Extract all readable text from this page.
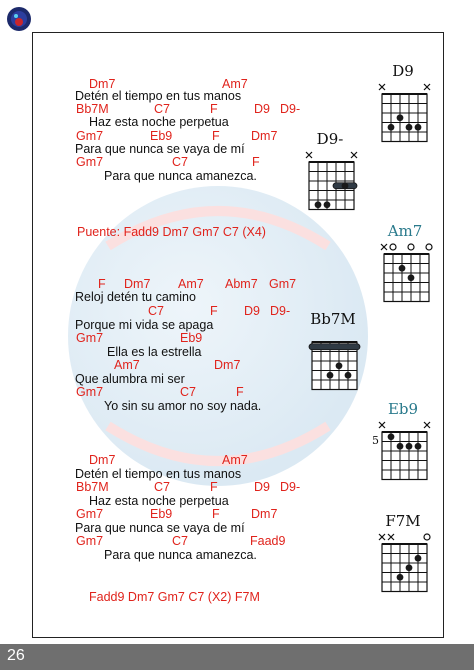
Dm7	Am7
Detén el tiempo en tus manos
Bb7M	C7	F	D9 D9-
Haz esta noche perpetua
Gm7	Eb9	F	Dm7
Para que nunca se vaya de mí
Gm7	C7	F
Para que nunca amanezca.
Puente: Fadd9 Dm7 Gm7 C7 (X4)
F Dm7 Am7 Abm7 Gm7
Reloj detén tu camino
C7	F D9 D9-
Porque mi vida se apaga
Gm7	Eb9
Ella es la estrella
Am7	Dm7
Que alumbra mi ser
Gm7	C7	F
Yo sin su amor no soy nada.
Dm7	Am7
Detén el tiempo en tus manos
Bb7M	C7	F	D9 D9-
Haz esta noche perpetua
Gm7	Eb9	F	Dm7
Para que nunca se vaya de mí
Gm7	C7	Faad9
Para que nunca amanezca.
Fadd9 Dm7 Gm7 C7 (X2) F7M
D9
D9-
Am7
Bb7M
Eb9
5
F7M
26
